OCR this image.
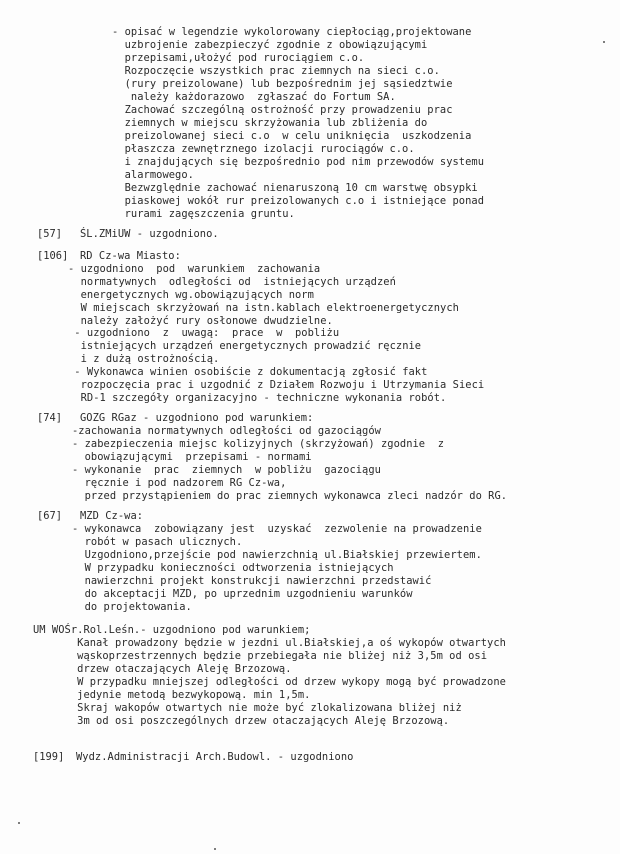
- opisać w legendzie wykolorowany ciepłociąg,projektowane
uzbrojenie zabezpieczyć zgodnie z obowiązującymi
przepisami,ułożyć pod rurociągiem c.o.
Rozpoczęcie wszystkich prac ziemnych na sieci c.o.
(rury preizolowane) lub bezpośrednim jej sąsiedztwie
należy każdorazowo  zgłaszać do Fortum SA.
Zachować szczególną ostrożność przy prowadzeniu prac
ziemnych w miejscu skrzyżowania lub zbliżenia do
preizolowanej sieci c.o  w celu uniknięcia  uszkodzenia
płaszcza zewnętrznego izolacji rurociągów c.o.
i znajdujących się bezpośrednio pod nim przewodów systemu
alarmowego.
Bezwzględnie zachować nienaruszoną 10 cm warstwę obsypki
piaskowej wokół rur preizolowanych c.o i istniejące ponad
rurami zagęszczenia gruntu.
[57] ŚL.ZMiUW - uzgodniono.
[106] RD Cz-wa Miasto:
- uzgodniono  pod  warunkiem  zachowania
normatywnych  odległości od  istniejących urządzeń
energetycznych wg.obowiązujących norm
W miejscach skrzyżowań na istn.kablach elektroenergetycznych
należy założyć rury osłonowe dwudzielne.
- uzgodniono  z  uwagą:  prace  w  pobliżu
istniejących urządzeń energetycznych prowadzić ręcznie
i z dużą ostrożnością.
- Wykonawca winien osobiście z dokumentacją zgłosić fakt
rozpoczęcia prac i uzgodnić z Działem Rozwoju i Utrzymania Sieci
RD-1 szczegóły organizacyjno - techniczne wykonania robót.
[74] GOZG RGaz - uzgodniono pod warunkiem:
-zachowania normatywnych odległości od gazociągów
- zabezpieczenia miejsc kolizyjnych (skrzyżowań) zgodnie  z
obowiązującymi  przepisami - normami
- wykonanie  prac  ziemnych  w pobliżu  gazociągu
ręcznie i pod nadzorem RG Cz-wa,
przed przystąpieniem do prac ziemnych wykonawca zleci nadzór do RG.
[67] MZD Cz-wa:
- wykonawca  zobowiązany jest  uzyskać  zezwolenie na prowadzenie
robót w pasach ulicznych.
Uzgodniono,przejście pod nawierzchnią ul.Białskiej przewiertem.
W przypadku konieczności odtworzenia istniejących
nawierzchni projekt konstrukcji nawierzchni przedstawić
do akceptacji MZD, po uprzednim uzgodnieniu warunków
do projektowania.
UM WOŚr.Rol.Leśn.- uzgodniono pod warunkiem;
Kanał prowadzony będzie w jezdni ul.Białskiej,a oś wykopów otwartych
wąskoprzestrzennych będzie przebiegała nie bliżej niż 3,5m od osi
drzew otaczających Aleję Brzozową.
W przypadku mniejszej odległości od drzew wykopy mogą być prowadzone
jedynie metodą bezwykopową. min 1,5m.
Skraj wakopów otwartych nie może być zlokalizowana bliżej niż
3m od osi poszczególnych drzew otaczających Aleję Brzozową.
[199] Wydz.Administracji Arch.Budowl. - uzgodniono
